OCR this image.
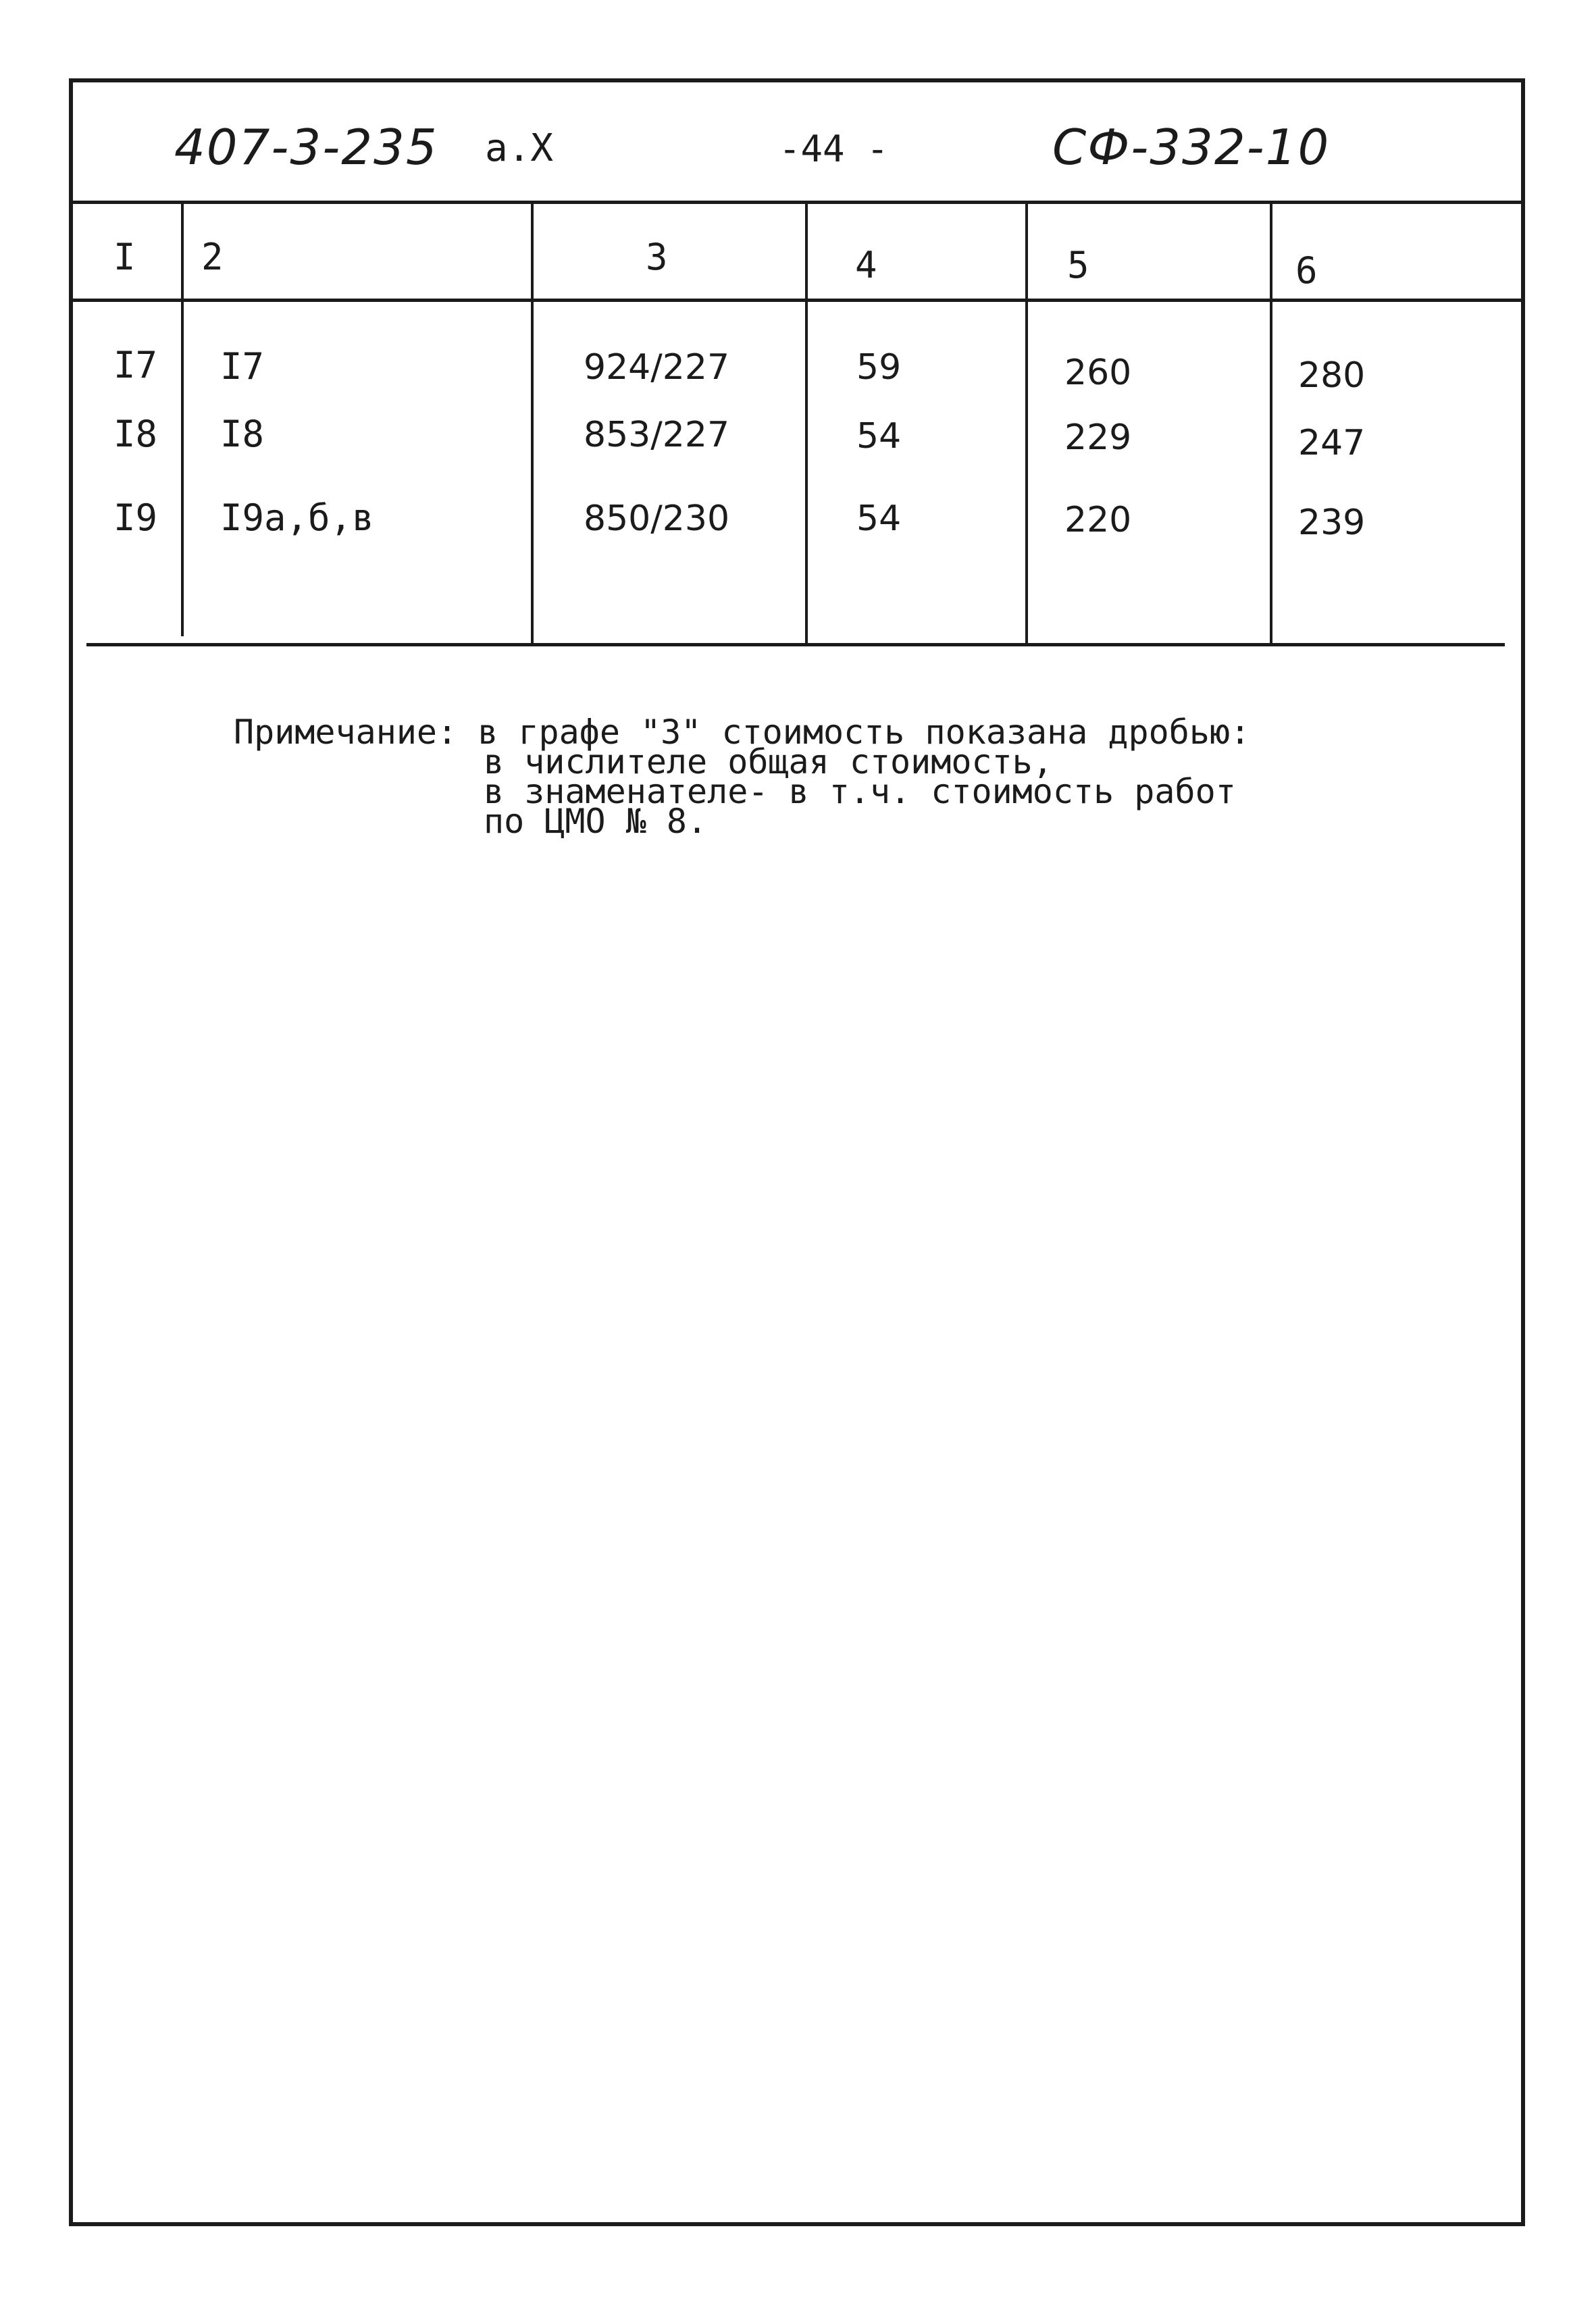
407-3-235 а.Х	-44 -	СФ-332-10
I 2	3	4	5	6
I7 I7	924/227	59	260	280
I8 I8	853/227	54	229	247
I9 I9а,б,в	850/230	54	220	239
Примечание: в графе "3" стоимость показана дробью:

в числителе общая стоимость,
в знаменателе- в т.ч. стоимость работ
по ЦМО № 8.
